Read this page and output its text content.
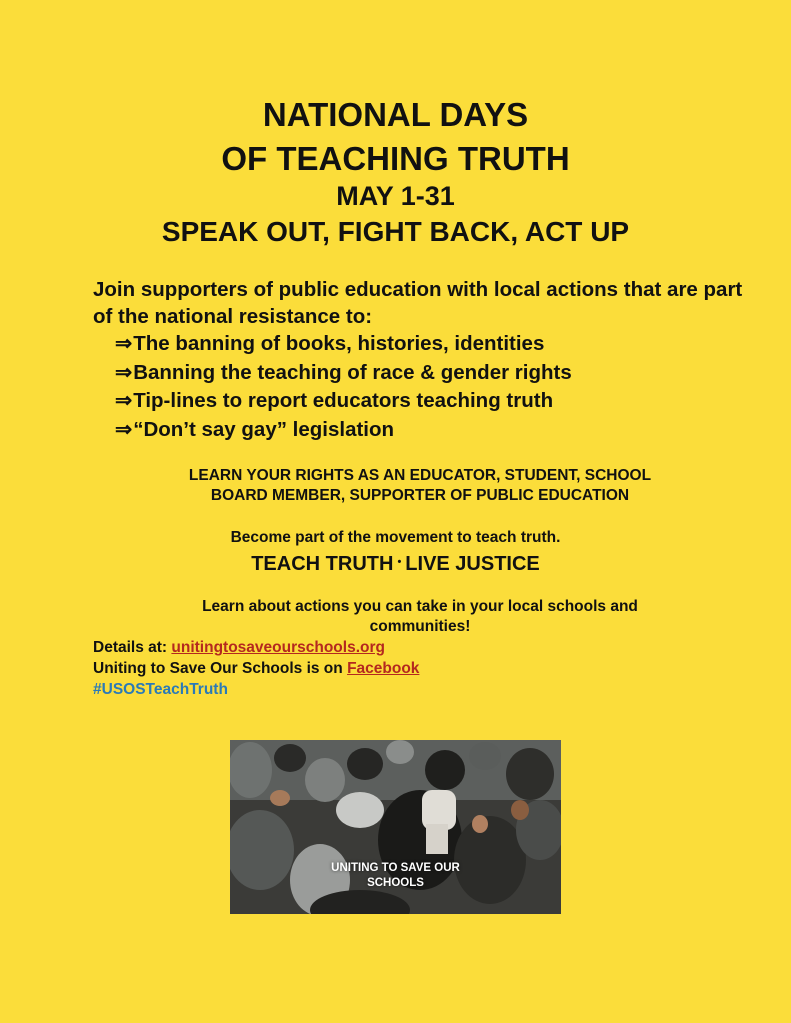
NATIONAL DAYS
OF TEACHING TRUTH
MAY 1-31
SPEAK OUT, FIGHT BACK, ACT UP
Join supporters of public education with local actions that are part of the national resistance to:
⇒The banning of books, histories, identities
⇒Banning the teaching of race & gender rights
⇒Tip-lines to report educators teaching truth
⇒“Don’t say gay” legislation
LEARN YOUR RIGHTS AS AN EDUCATOR, STUDENT, SCHOOL
BOARD MEMBER, SUPPORTER OF PUBLIC EDUCATION
Become part of the movement to teach truth.
TEACH TRUTH • LIVE JUSTICE
Learn about actions you can take in your local schools and
communities!
Details at: unitingtosaveourschools.org
Uniting to Save Our Schools is on Facebook
#USOSTeachTruth
UNITING TO SAVE OUR
SCHOOLS
